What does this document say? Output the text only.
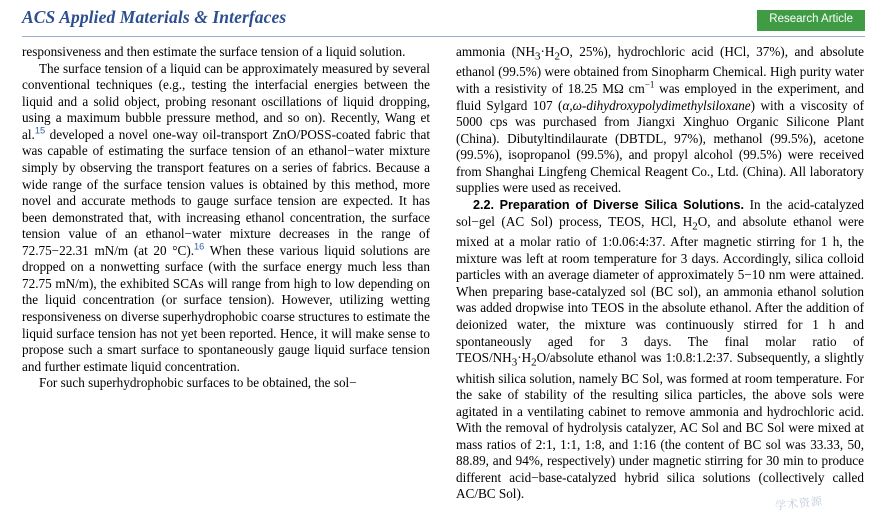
ACS Applied Materials & Interfaces	Research Article

responsiveness and then estimate the surface tension of a liquid solution.

The surface tension of a liquid can be approximately measured by several conventional techniques (e.g., testing the interfacial energies between the liquid and a solid object, probing resonant oscillations of liquid dropping, using a maximum bubble pressure method, and so on). Recently, Wang et al.$^{15}$ developed a novel one-way oil-transport ZnO/POSS-coated fabric that was capable of estimating the surface tension of an ethanol−water mixture simply by observing the transport features on a series of fabrics. Because a wide range of the surface tension values is obtained by this method, more novel and accurate methods to gauge surface tension are expected. It has been demonstrated that, with increasing ethanol concentration, the surface tension value of an ethanol−water mixture decreases in the range of 72.75−22.31 mN/m (at 20 °C).$^{16}$ When these various liquid solutions are dropped on a nonwetting surface (with the surface energy much less than 72.75 mN/m), the exhibited SCAs will range from high to low depending on the liquid concentration (or surface tension). However, utilizing wetting responsiveness on diverse superhydrophobic coarse structures to estimate the liquid surface tension has not yet been reported. Hence, it will make sense to propose such a smart surface to spontaneously gauge liquid surface tension and further estimate liquid concentration.

For such superhydrophobic surfaces to be obtained, the sol−

ammonia ($NH_3\cdot H_2O$, 25%), hydrochloric acid (HCl, 37%), and absolute ethanol (99.5%) were obtained from Sinopharm Chemical. High purity water with a resistivity of 18.25 MΩ $cm^{-1}$ was employed in the experiment, and fluid Sylgard 107 (α,ω-dihydroxypolydimethylsiloxane) with a viscosity of 5000 cps was purchased from Jiangxi Xinghuo Organic Silicone Plant (China). Dibutyltindilaurate (DBTDL, 97%), methanol (99.5%), acetone (99.5%), isopropanol (99.5%), and propyl alcohol (99.5%) were received from Shanghai Lingfeng Chemical Reagent Co., Ltd. (China). All laboratory supplies were used as received.

2.2. Preparation of Diverse Silica Solutions. In the acid-catalyzed sol−gel (AC Sol) process, TEOS, HCl, $H_2O$, and absolute ethanol were mixed at a molar ratio of 1:0.06:4:37. After magnetic stirring for 1 h, the mixture was left at room temperature for 3 days. Accordingly, silica colloid particles with an average diameter of approximately 5−10 nm were attained. When preparing base-catalyzed sol (BC sol), an ammonia ethanol solution was added dropwise into TEOS in the absolute ethanol. After the addition of deionized water, the mixture was continuously stirred for 1 h and spontaneously aged for 3 days. The final molar ratio of TEOS/$NH_3\cdot H_2O$/absolute ethanol was 1:0.8:1.2:37. Subsequently, a slightly whitish silica solution, namely BC Sol, was formed at room temperature. For the sake of stability of the resulting silica particles, the above sols were agitated in a ventilating cabinet to remove ammonia and hydrochloric acid. With the removal of hydrolysis catalyzer, AC Sol and BC Sol were mixed at mass ratios of 2:1, 1:1, 1:8, and 1:16 (the content of BC sol was 33.33, 50, 88.89, and 94%, respectively) under magnetic stirring for 30 min to produce different acid−base-catalyzed hybrid silica solutions (collectively called AC/BC Sol).

学术资源
